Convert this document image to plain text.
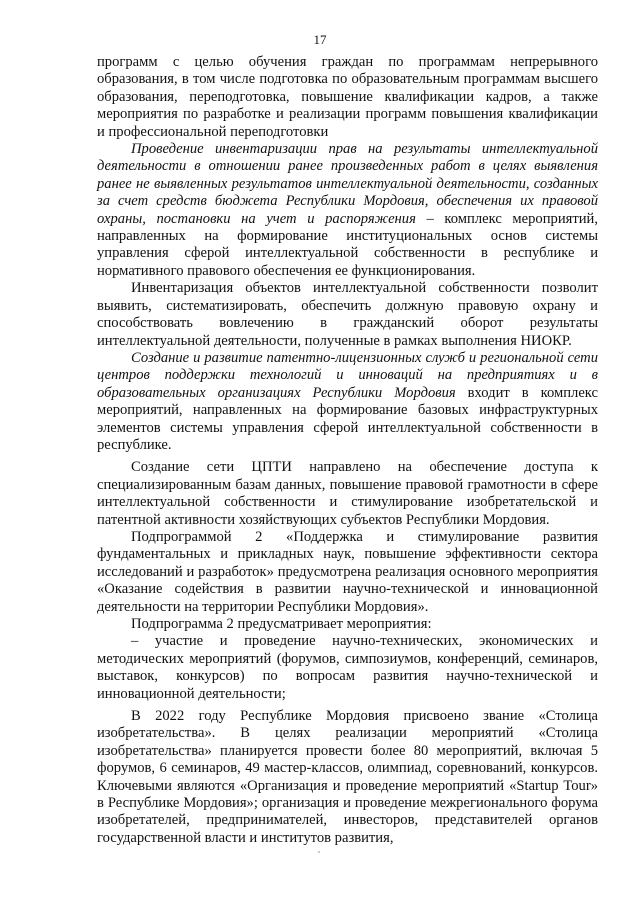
17

программ с целью обучения граждан по программам непрерывного образования, в том числе подготовка по образовательным программам высшего образования, переподготовка, повышение квалификации кадров, а также мероприятия по разработке и реализации программ повышения квалификации и профессиональной переподготовки

Проведение инвентаризации прав на результаты интеллектуальной деятельности в отношении ранее произведенных работ в целях выявления ранее не выявленных результатов интеллектуальной деятельности, созданных за счет средств бюджета Республики Мордовия, обеспечения их правовой охраны, постановки на учет и распоряжения – комплекс мероприятий, направленных на формирование институциональных основ системы управления сферой интеллектуальной собственности в республике и нормативного правового обеспечения ее функционирования.

Инвентаризация объектов интеллектуальной собственности позволит выявить, систематизировать, обеспечить должную правовую охрану и способствовать вовлечению в гражданский оборот результаты интеллектуальной деятельности, полученные в рамках выполнения НИОКР.

Создание и развитие патентно-лицензионных служб и региональной сети центров поддержки технологий и инноваций на предприятиях и в образовательных организациях Республики Мордовия входит в комплекс мероприятий, направленных на формирование базовых инфраструктурных элементов системы управления сферой интеллектуальной собственности в республике.

Создание сети ЦПТИ направлено на обеспечение доступа к специализированным базам данных, повышение правовой грамотности в сфере интеллектуальной собственности и стимулирование изобретательской и патентной активности хозяйствующих субъектов Республики Мордовия.

Подпрограммой 2 «Поддержка и стимулирование развития фундаментальных и прикладных наук, повышение эффективности сектора исследований и разработок» предусмотрена реализация основного мероприятия «Оказание содействия в развитии научно-технической и инновационной деятельности на территории Республики Мордовия».

Подпрограмма 2 предусматривает мероприятия:

– участие и проведение научно-технических, экономических и методических мероприятий (форумов, симпозиумов, конференций, семинаров, выставок, конкурсов) по вопросам развития научно-технической и инновационной деятельности;

В 2022 году Республике Мордовия присвоено звание «Столица изобретательства». В целях реализации мероприятий «Столица изобретательства» планируется провести более 80 мероприятий, включая 5 форумов, 6 семинаров, 49 мастер-классов, олимпиад, соревнований, конкурсов. Ключевыми являются «Организация и проведение мероприятий «Startup Tour» в Республике Мордовия»; организация и проведение межрегионального форума изобретателей, предпринимателей, инвесторов, представителей органов государственной власти и институтов развития,
